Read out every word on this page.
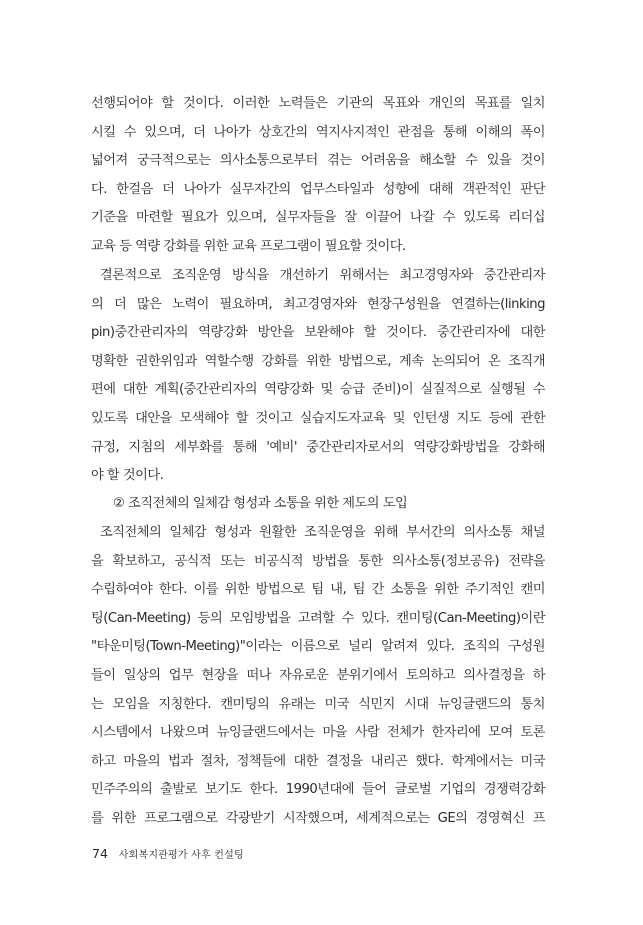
선행되어야 할 것이다. 이러한 노력들은 기관의 목표와 개인의 목표를 일치
시킬 수 있으며, 더 나아가 상호간의 역지사지적인 관점을 통해 이해의 폭이
넓어져 궁극적으로는 의사소통으로부터 겪는 어려움을 해소할 수 있을 것이
다. 한걸음 더 나아가 실무자간의 업무스타일과 성향에 대해 객관적인 판단
기준을 마련할 필요가 있으며, 실무자들을 잘 이끌어 나갈 수 있도록 리더십
교육 등 역량 강화를 위한 교육 프로그램이 필요할 것이다.
결론적으로 조직운영 방식을 개선하기 위해서는 최고경영자와 중간관리자
의 더 많은 노력이 필요하며, 최고경영자와 현장구성원을 연결하는(linking
pin)중간관리자의 역량강화 방안을 보완해야 할 것이다. 중간관리자에 대한
명확한 권한위임과 역할수행 강화를 위한 방법으로, 계속 논의되어 온 조직개
편에 대한 계획(중간관리자의 역량강화 및 승급 준비)이 실질적으로 실행될 수
있도록 대안을 모색해야 할 것이고 실습지도자교육 및 인턴생 지도 등에 관한
규정, 지침의 세부화를 통해 '예비' 중간관리자로서의 역량강화방법을 강화해
야 할 것이다.
② 조직전체의 일체감 형성과 소통을 위한 제도의 도입
조직전체의 일체감 형성과 원활한 조직운영을 위해 부서간의 의사소통 채널
을 확보하고, 공식적 또는 비공식적 방법을 통한 의사소통(정보공유) 전략을
수립하여야 한다. 이를 위한 방법으로 팀 내, 팀 간 소통을 위한 주기적인 캔미
팅(Can-Meeting) 등의 모임방법을 고려할 수 있다. 캔미팅(Can-Meeting)이란
"타운미팅(Town-Meeting)"이라는 이름으로 널리 알려져 있다. 조직의 구성원
들이 일상의 업무 현장을 떠나 자유로운 분위기에서 토의하고 의사결정을 하
는 모임을 지칭한다. 캔미팅의 유래는 미국 식민지 시대 뉴잉글랜드의 통치
시스템에서 나왔으며 뉴잉글랜드에서는 마을 사람 전체가 한자리에 모여 토론
하고 마을의 법과 절차, 정책들에 대한 결정을 내리곤 했다. 학계에서는 미국
민주주의의 출발로 보기도 한다. 1990년대에 들어 글로벌 기업의 경쟁력강화
를 위한 프로그램으로 각광받기 시작했으며, 세계적으로는 GE의 경영혁신 프
74 사회복지관평가 사후 컨설팅
